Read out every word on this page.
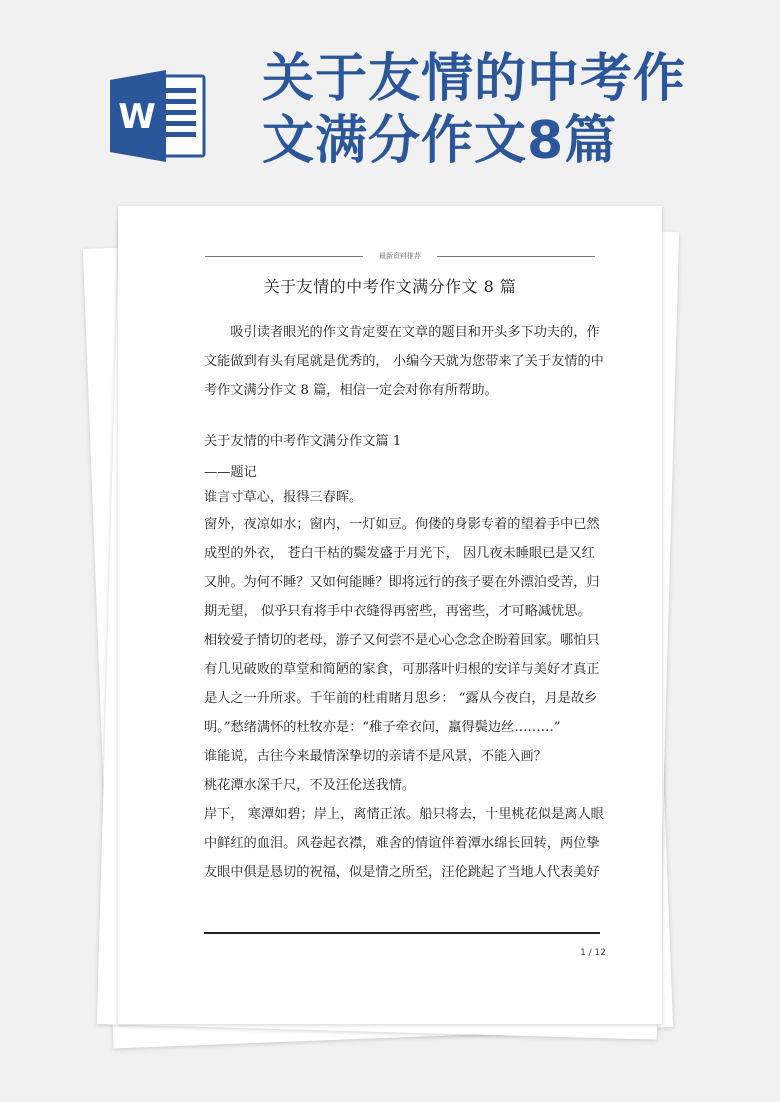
关于友情的中考作
文满分作文8篇
W
最新资料推荐
关于友情的中考作文满分作文 8 篇

吸引读者眼光的作文肯定要在文章的题目和开头多下功夫的，作文能做到有头有尾就是优秀的， 小编今天就为您带来了关于友情的中考作文满分作文 8 篇，相信一定会对你有所帮助。

关于友情的中考作文满分作文篇 1

——题记

谁言寸草心，报得三春晖。

窗外，夜凉如水；窗内，一灯如豆。佝偻的身影专着的望着手中已然成型的外衣， 苍白干枯的鬓发盛于月光下， 因几夜未睡眼已是又红又肿。为何不睡？又如何能睡？即将远行的孩子要在外漂泊受苦，归期无望， 似乎只有将手中衣缝得再密些，再密些，才可略减忧思。

相较爱子情切的老母，游子又何尝不是心心念念企盼着回家。哪怕只有几见破败的草堂和简陋的家食，可那落叶归根的安详与美好才真正是人之一升所求。千年前的杜甫睹月思乡： “露从今夜白，月是故乡明。”愁绪满怀的杜牧亦是：“稚子牵衣问，羸得鬓边丝………”

谁能说，古往今来最情深挚切的亲请不是风景，不能入画？

桃花潭水深千尺，不及汪伦送我情。

岸下， 寒潭如碧；岸上，离情正浓。船只将去，十里桃花似是离人眼中鲜红的血泪。风卷起衣襟，难舍的情谊伴着潭水绵长回转，两位挚友眼中俱是恳切的祝福，似是情之所至，汪伦跳起了当地人代表美好

1 / 12
